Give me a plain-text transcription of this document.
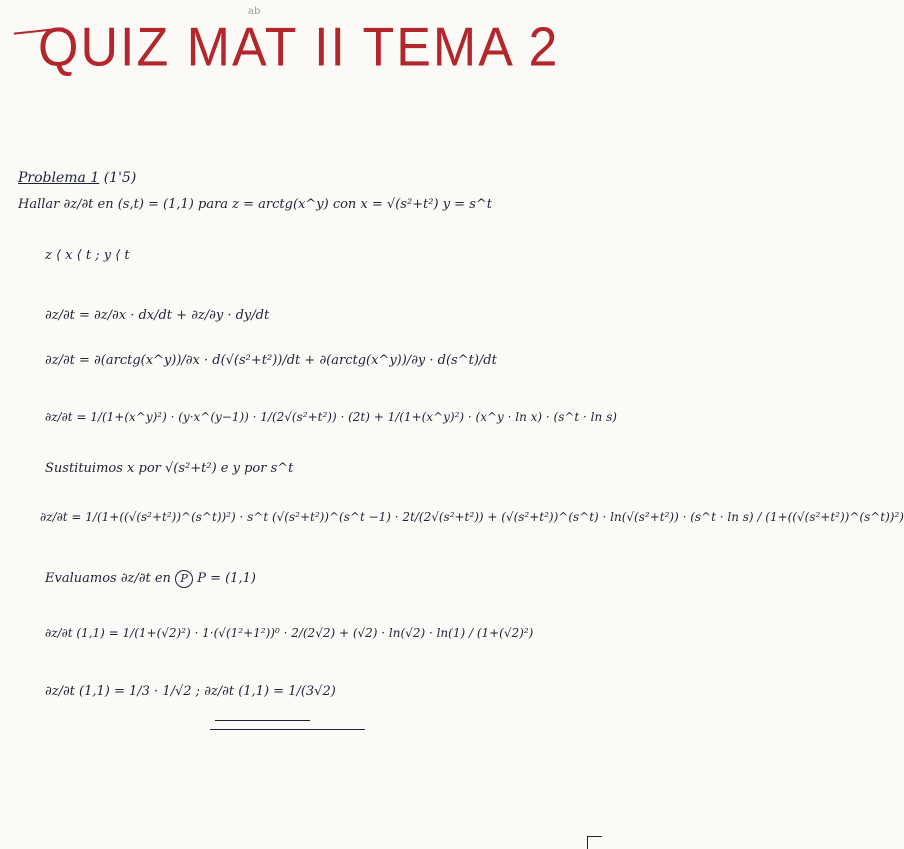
ab
QUIZ MAT II TEMA 2
Problema 1 (1'5)
Hallar ∂z/∂t en (s,t) = (1,1) para z = arctg(x^y) con x = √(s²+t²) y = s^t
z ⟨ x ⟨ t ; y ⟨ t
∂z/∂t = ∂z/∂x · dx/dt + ∂z/∂y · dy/dt
∂z/∂t = ∂(arctg(x^y))/∂x · d(√(s²+t²))/dt + ∂(arctg(x^y))/∂y · d(s^t)/dt
∂z/∂t = 1/(1+(x^y)²) · (y·x^(y−1)) · 1/(2√(s²+t²)) · (2t) + 1/(1+(x^y)²) · (x^y · ln x) · (s^t · ln s)
Sustituimos x por √(s²+t²) e y por s^t
∂z/∂t = 1/(1+((√(s²+t²))^(s^t))²) · s^t (√(s²+t²))^(s^t −1) · 2t/(2√(s²+t²)) + (√(s²+t²))^(s^t) · ln(√(s²+t²)) · (s^t · ln s) / (1+((√(s²+t²))^(s^t))²)
Evaluamos ∂z/∂t en P P = (1,1)
∂z/∂t (1,1) = 1/(1+(√2)²) · 1·(√(1²+1²))⁰ · 2/(2√2) + (√2) · ln(√2) · ln(1) / (1+(√2)²)
∂z/∂t (1,1) = 1/3 · 1/√2 ; ∂z/∂t (1,1) = 1/(3√2)
